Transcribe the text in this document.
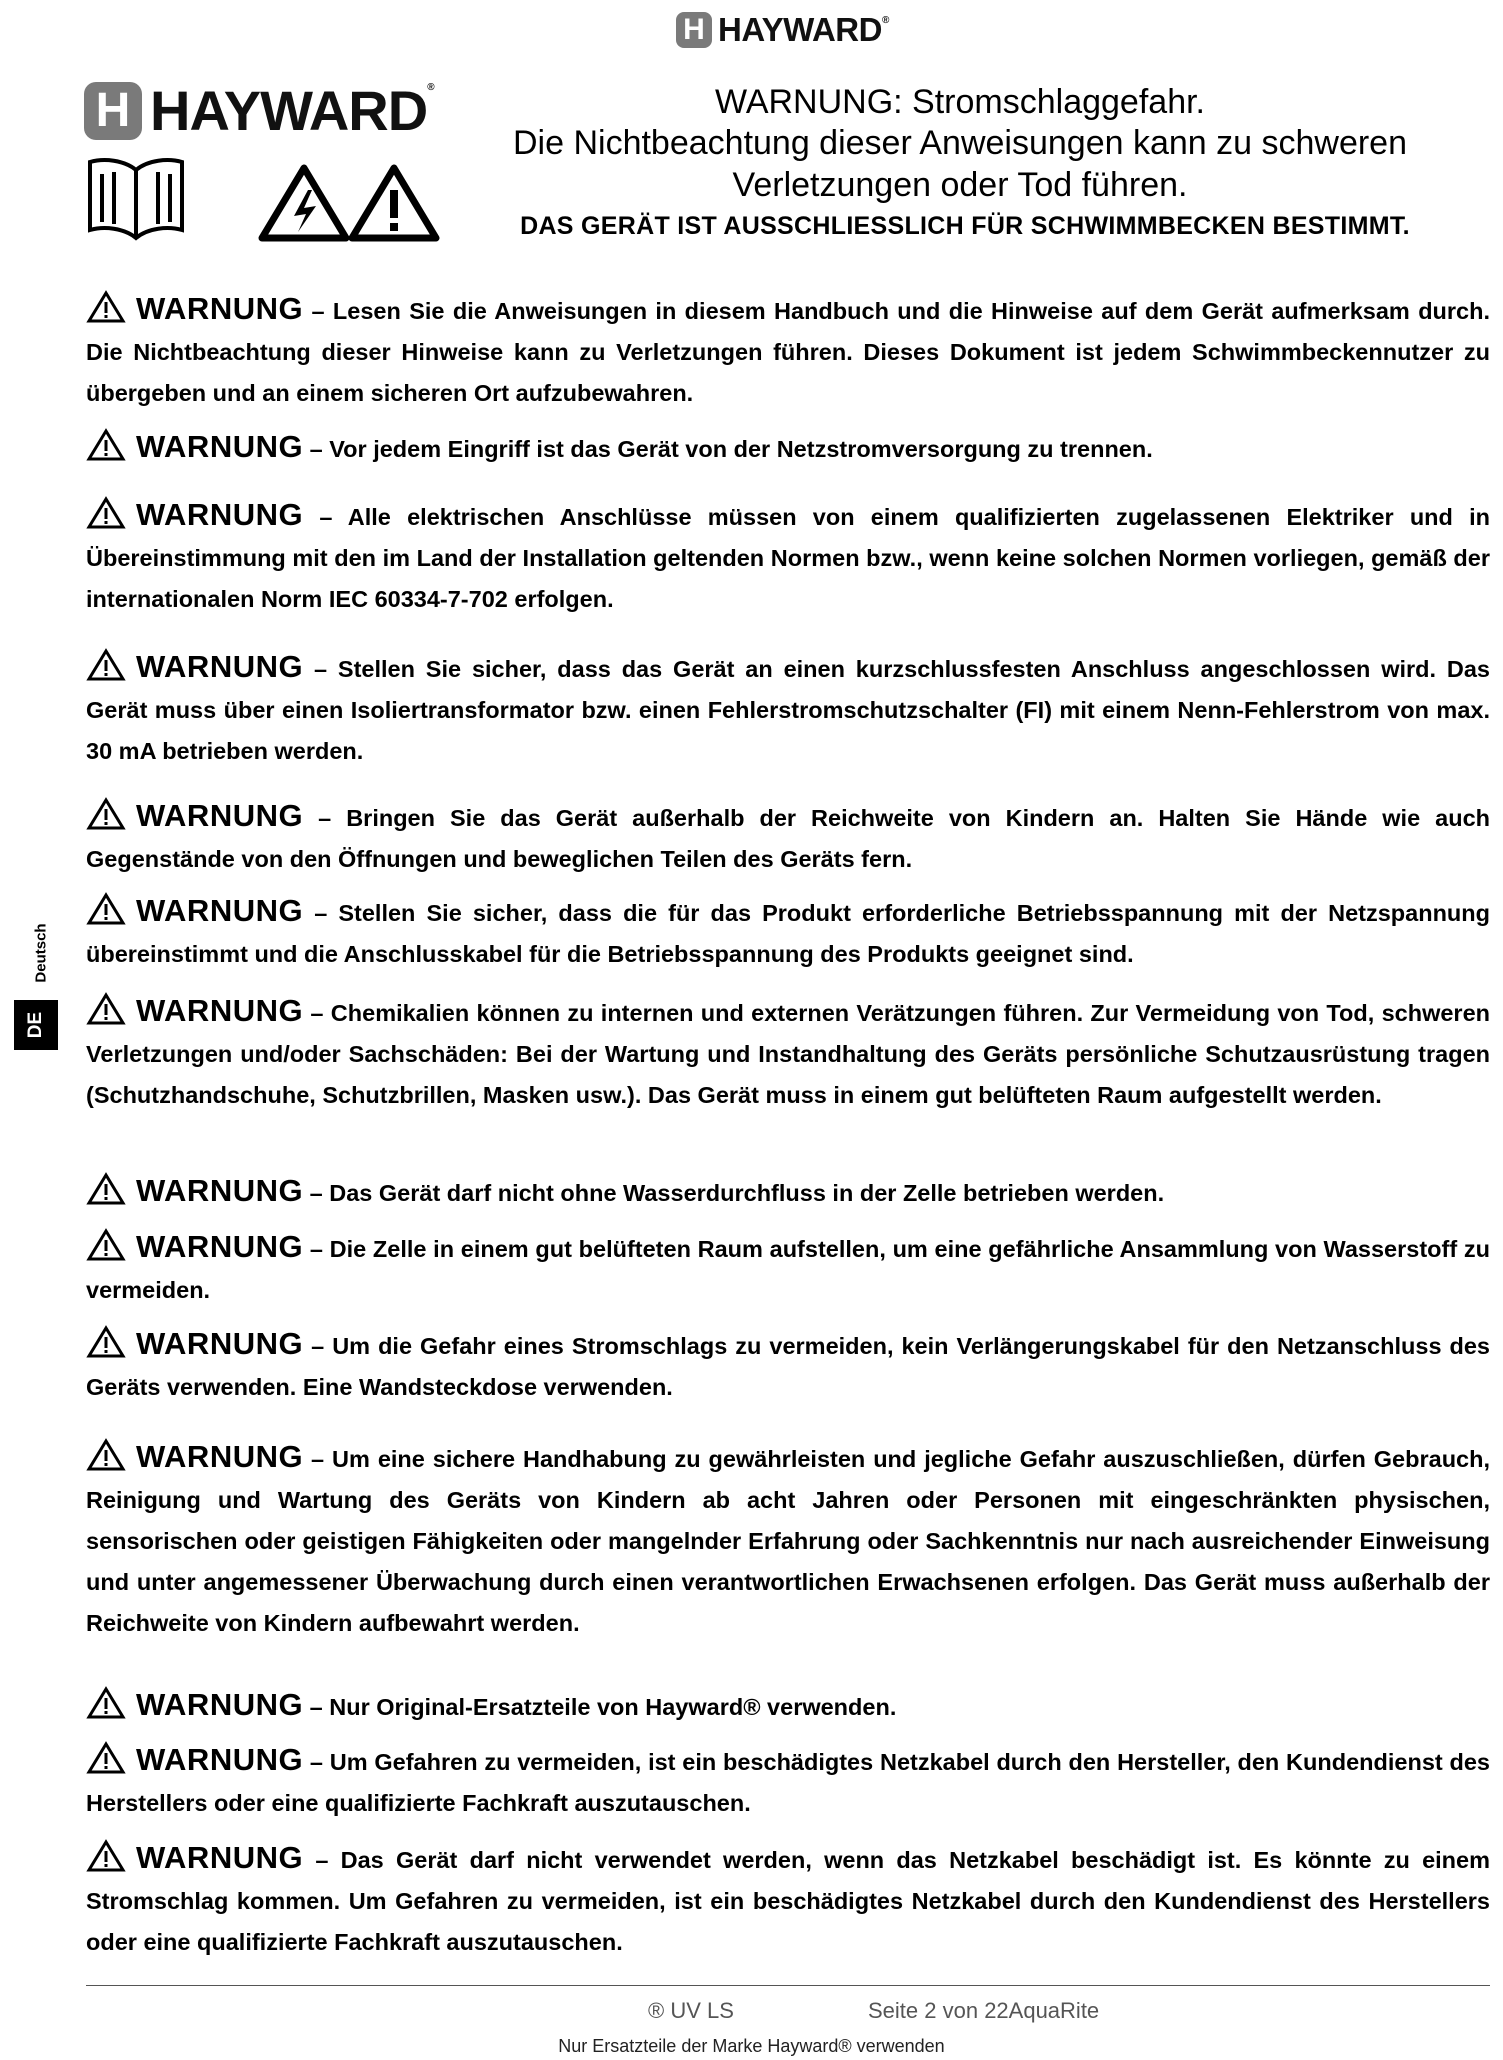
H HAYWARD®
H HAYWARD®	WARNUNG: Stromschlaggefahr.
Die Nichtbeachtung dieser Anweisungen kann zu schweren
Verletzungen oder Tod führen.
DAS GERÄT IST AUSSCHLIESSLICH FÜR SCHWIMMBECKEN BESTIMMT.

WARNUNG – Lesen Sie die Anweisungen in diesem Handbuch und die Hinweise auf dem Gerät aufmerksam durch. Die Nichtbeachtung dieser Hinweise kann zu Verletzungen führen. Dieses Dokument ist jedem Schwimmbeckennutzer zu übergeben und an einem sicheren Ort aufzubewahren.

WARNUNG – Vor jedem Eingriff ist das Gerät von der Netzstromversorgung zu trennen.

WARNUNG – Alle elektrischen Anschlüsse müssen von einem qualifizierten zugelassenen Elektriker und in Übereinstimmung mit den im Land der Installation geltenden Normen bzw., wenn keine solchen Normen vorliegen, gemäß der internationalen Norm IEC 60334-7-702 erfolgen.

WARNUNG – Stellen Sie sicher, dass das Gerät an einen kurzschlussfesten Anschluss angeschlossen wird. Das Gerät muss über einen Isoliertransformator bzw. einen Fehlerstromschutzschalter (FI) mit einem Nenn-Fehlerstrom von max. 30 mA betrieben werden.

WARNUNG – Bringen Sie das Gerät außerhalb der Reichweite von Kindern an. Halten Sie Hände wie auch Gegenstände von den Öffnungen und beweglichen Teilen des Geräts fern.

WARNUNG – Stellen Sie sicher, dass die für das Produkt erforderliche Betriebsspannung mit der Netzspannung übereinstimmt und die Anschlusskabel für die Betriebsspannung des Produkts geeignet sind.

WARNUNG – Chemikalien können zu internen und externen Verätzungen führen. Zur Vermeidung von Tod, schweren Verletzungen und/oder Sachschäden: Bei der Wartung und Instandhaltung des Geräts persönliche Schutzausrüstung tragen (Schutzhandschuhe, Schutzbrillen, Masken usw.). Das Gerät muss in einem gut belüfteten Raum aufgestellt werden.

WARNUNG – Das Gerät darf nicht ohne Wasserdurchfluss in der Zelle betrieben werden.

WARNUNG – Die Zelle in einem gut belüfteten Raum aufstellen, um eine gefährliche Ansammlung von Wasserstoff zu vermeiden.

WARNUNG – Um die Gefahr eines Stromschlags zu vermeiden, kein Verlängerungskabel für den Netzanschluss des Geräts verwenden. Eine Wandsteckdose verwenden.

WARNUNG – Um eine sichere Handhabung zu gewährleisten und jegliche Gefahr auszuschließen, dürfen Gebrauch, Reinigung und Wartung des Geräts von Kindern ab acht Jahren oder Personen mit eingeschränkten physischen, sensorischen oder geistigen Fähigkeiten oder mangelnder Erfahrung oder Sachkenntnis nur nach ausreichender Einweisung und unter angemessener Überwachung durch einen verantwortlichen Erwachsenen erfolgen. Das Gerät muss außerhalb der Reichweite von Kindern aufbewahrt werden.

WARNUNG – Nur Original-Ersatzteile von Hayward® verwenden.

WARNUNG – Um Gefahren zu vermeiden, ist ein beschädigtes Netzkabel durch den Hersteller, den Kundendienst des Herstellers oder eine qualifizierte Fachkraft auszutauschen.

WARNUNG – Das Gerät darf nicht verwendet werden, wenn das Netzkabel beschädigt ist. Es könnte zu einem Stromschlag kommen. Um Gefahren zu vermeiden, ist ein beschädigtes Netzkabel durch den Kundendienst des Herstellers oder eine qualifizierte Fachkraft auszutauschen.

Deutsch
DE
® UV LS	Seite 2 von 22AquaRite
Nur Ersatzteile der Marke Hayward® verwenden
